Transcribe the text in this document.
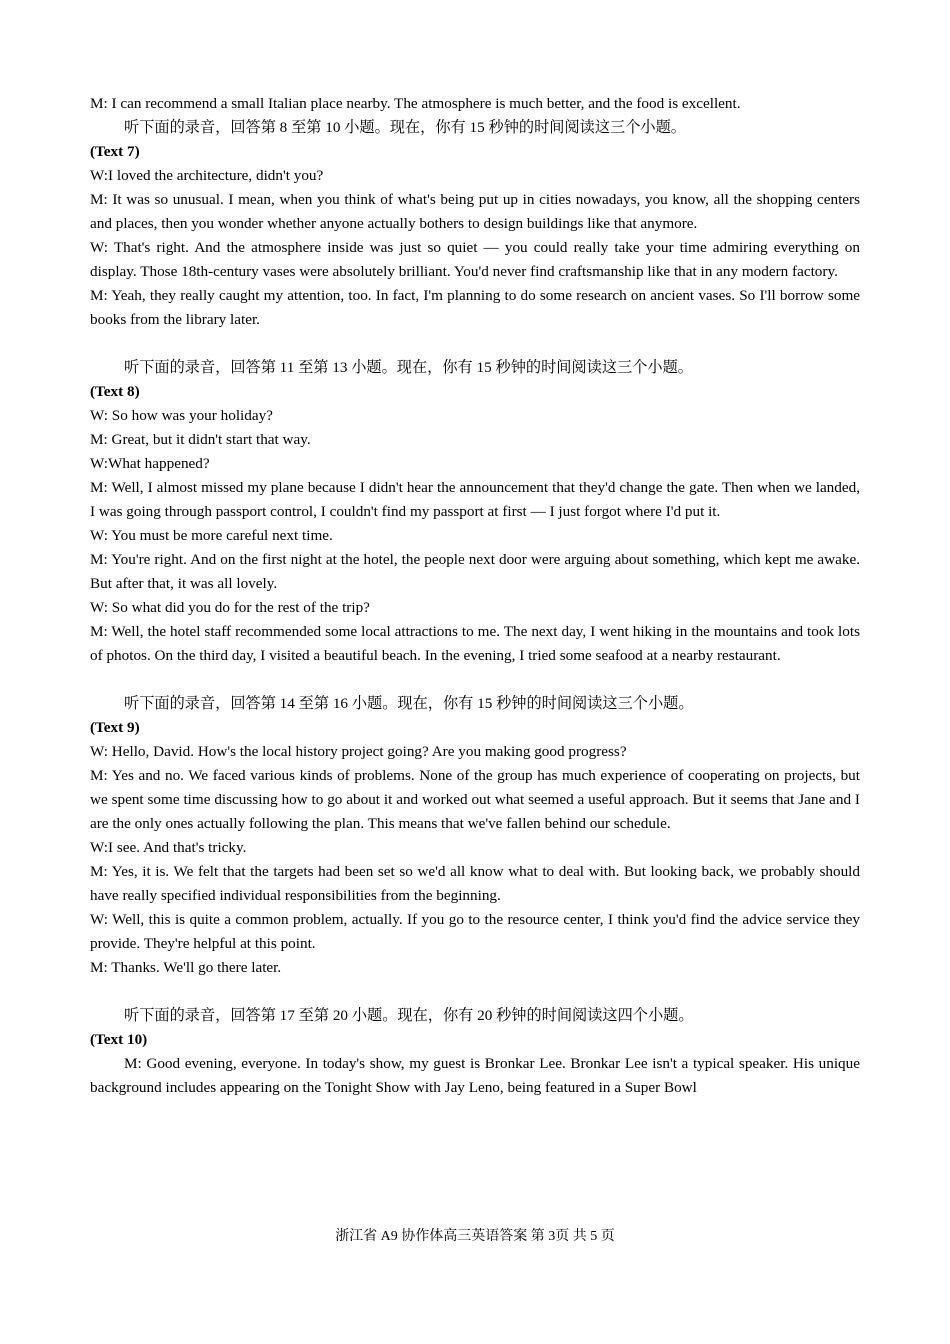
M: I can recommend a small Italian place nearby. The atmosphere is much better, and the food is excellent.

听下面的录音，回答第 8 至第 10 小题。现在，你有 15 秒钟的时间阅读这三个小题。

(Text 7)

W:I loved the architecture, didn't you?

M: It was so unusual. I mean, when you think of what's being put up in cities nowadays, you know, all the shopping centers and places, then you wonder whether anyone actually bothers to design buildings like that anymore.

W: That's right. And the atmosphere inside was just so quiet — you could really take your time admiring everything on display. Those 18th-century vases were absolutely brilliant. You'd never find craftsmanship like that in any modern factory.

M: Yeah, they really caught my attention, too. In fact, I'm planning to do some research on ancient vases. So I'll borrow some books from the library later.

听下面的录音，回答第 11 至第 13 小题。现在，你有 15 秒钟的时间阅读这三个小题。

(Text 8)

W: So how was your holiday?

M: Great, but it didn't start that way.

W:What happened?

M: Well, I almost missed my plane because I didn't hear the announcement that they'd change the gate. Then when we landed, I was going through passport control, I couldn't find my passport at first — I just forgot where I'd put it.

W: You must be more careful next time.

M: You're right. And on the first night at the hotel, the people next door were arguing about something, which kept me awake. But after that, it was all lovely.

W: So what did you do for the rest of the trip?

M: Well, the hotel staff recommended some local attractions to me. The next day, I went hiking in the mountains and took lots of photos. On the third day, I visited a beautiful beach. In the evening, I tried some seafood at a nearby restaurant.

听下面的录音，回答第 14 至第 16 小题。现在，你有 15 秒钟的时间阅读这三个小题。

(Text 9)

W: Hello, David. How's the local history project going? Are you making good progress?

M: Yes and no. We faced various kinds of problems. None of the group has much experience of cooperating on projects, but we spent some time discussing how to go about it and worked out what seemed a useful approach. But it seems that Jane and I are the only ones actually following the plan. This means that we've fallen behind our schedule.

W:I see. And that's tricky.

M: Yes, it is. We felt that the targets had been set so we'd all know what to deal with. But looking back, we probably should have really specified individual responsibilities from the beginning.

W: Well, this is quite a common problem, actually. If you go to the resource center, I think you'd find the advice service they provide. They're helpful at this point.

M: Thanks. We'll go there later.

听下面的录音，回答第 17 至第 20 小题。现在，你有 20 秒钟的时间阅读这四个小题。

(Text 10)

M: Good evening, everyone. In today's show, my guest is Bronkar Lee. Bronkar Lee isn't a typical speaker. His unique background includes appearing on the Tonight Show with Jay Leno, being featured in a Super Bowl

浙江省 A9 协作体高三英语答案 第 3页 共 5 页
